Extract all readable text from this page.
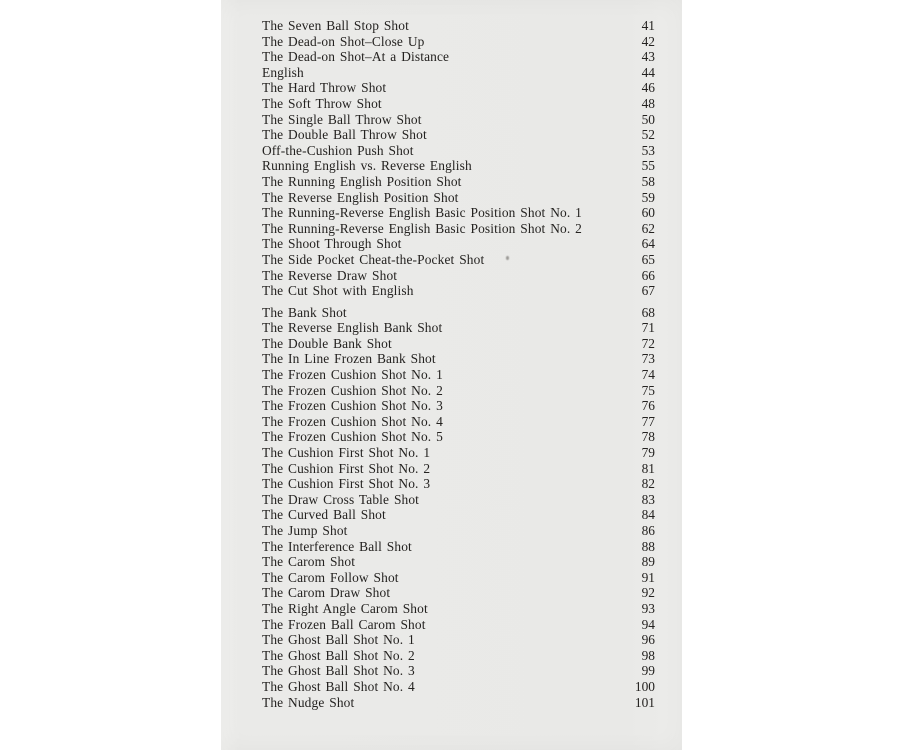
The Seven Ball Stop Shot	41
The Dead-on Shot–Close Up	42
The Dead-on Shot–At a Distance	43
English	44
The Hard Throw Shot	46
The Soft Throw Shot	48
The Single Ball Throw Shot	50
The Double Ball Throw Shot	52
Off-the-Cushion Push Shot	53
Running English vs. Reverse English	55
The Running English Position Shot	58
The Reverse English Position Shot	59
The Running-Reverse English Basic Position Shot No. 1	60
The Running-Reverse English Basic Position Shot No. 2	62
The Shoot Through Shot	64
The Side Pocket Cheat-the-Pocket Shot	65
The Reverse Draw Shot	66
The Cut Shot with English	67
The Bank Shot	68
The Reverse English Bank Shot	71
The Double Bank Shot	72
The In Line Frozen Bank Shot	73
The Frozen Cushion Shot No. 1	74
The Frozen Cushion Shot No. 2	75
The Frozen Cushion Shot No. 3	76
The Frozen Cushion Shot No. 4	77
The Frozen Cushion Shot No. 5	78
The Cushion First Shot No. 1	79
The Cushion First Shot No. 2	81
The Cushion First Shot No. 3	82
The Draw Cross Table Shot	83
The Curved Ball Shot	84
The Jump Shot	86
The Interference Ball Shot	88
The Carom Shot	89
The Carom Follow Shot	91
The Carom Draw Shot	92
The Right Angle Carom Shot	93
The Frozen Ball Carom Shot	94
The Ghost Ball Shot No. 1	96
The Ghost Ball Shot No. 2	98
The Ghost Ball Shot No. 3	99
The Ghost Ball Shot No. 4	100
The Nudge Shot	101
